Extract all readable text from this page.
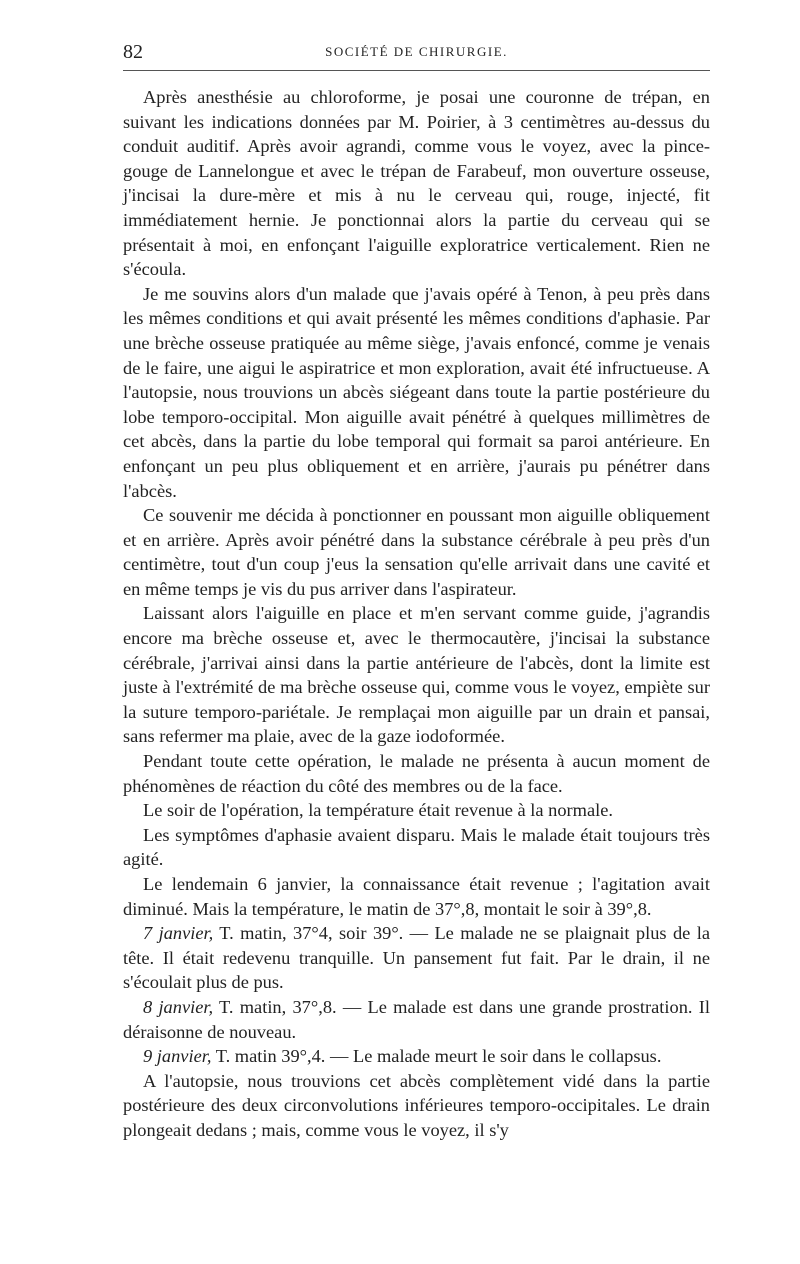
82	SOCIÉTÉ DE CHIRURGIE.

Après anesthésie au chloroforme, je posai une couronne de trépan, en suivant les indications données par M. Poirier, à 3 centimètres au-dessus du conduit auditif. Après avoir agrandi, comme vous le voyez, avec la pince-gouge de Lannelongue et avec le trépan de Farabeuf, mon ouverture osseuse, j'incisai la dure-mère et mis à nu le cerveau qui, rouge, injecté, fit immédiatement hernie. Je ponctionnai alors la partie du cerveau qui se présentait à moi, en enfonçant l'aiguille exploratrice verticalement. Rien ne s'écoula.

Je me souvins alors d'un malade que j'avais opéré à Tenon, à peu près dans les mêmes conditions et qui avait présenté les mêmes conditions d'aphasie. Par une brèche osseuse pratiquée au même siège, j'avais enfoncé, comme je venais de le faire, une aigui le aspiratrice et mon exploration, avait été infructueuse. A l'autopsie, nous trouvions un abcès siégeant dans toute la partie postérieure du lobe temporo-occipital. Mon aiguille avait pénétré à quelques millimètres de cet abcès, dans la partie du lobe temporal qui formait sa paroi antérieure. En enfonçant un peu plus obliquement et en arrière, j'aurais pu pénétrer dans l'abcès.

Ce souvenir me décida à ponctionner en poussant mon aiguille obliquement et en arrière. Après avoir pénétré dans la substance cérébrale à peu près d'un centimètre, tout d'un coup j'eus la sensation qu'elle arrivait dans une cavité et en même temps je vis du pus arriver dans l'aspirateur.

Laissant alors l'aiguille en place et m'en servant comme guide, j'agrandis encore ma brèche osseuse et, avec le thermocautère, j'incisai la substance cérébrale, j'arrivai ainsi dans la partie antérieure de l'abcès, dont la limite est juste à l'extrémité de ma brèche osseuse qui, comme vous le voyez, empiète sur la suture temporo-pariétale. Je remplaçai mon aiguille par un drain et pansai, sans refermer ma plaie, avec de la gaze iodoformée.

Pendant toute cette opération, le malade ne présenta à aucun moment de phénomènes de réaction du côté des membres ou de la face.

Le soir de l'opération, la température était revenue à la normale.

Les symptômes d'aphasie avaient disparu. Mais le malade était toujours très agité.

Le lendemain 6 janvier, la connaissance était revenue ; l'agitation avait diminué. Mais la température, le matin de 37°,8, montait le soir à 39°,8.

7 janvier, T. matin, 37°4, soir 39°. — Le malade ne se plaignait plus de la tête. Il était redevenu tranquille. Un pansement fut fait. Par le drain, il ne s'écoulait plus de pus.

8 janvier, T. matin, 37°,8. — Le malade est dans une grande prostration. Il déraisonne de nouveau.

9 janvier, T. matin 39°,4. — Le malade meurt le soir dans le collapsus.

A l'autopsie, nous trouvions cet abcès complètement vidé dans la partie postérieure des deux circonvolutions inférieures temporo-occipitales. Le drain plongeait dedans ; mais, comme vous le voyez, il s'y
